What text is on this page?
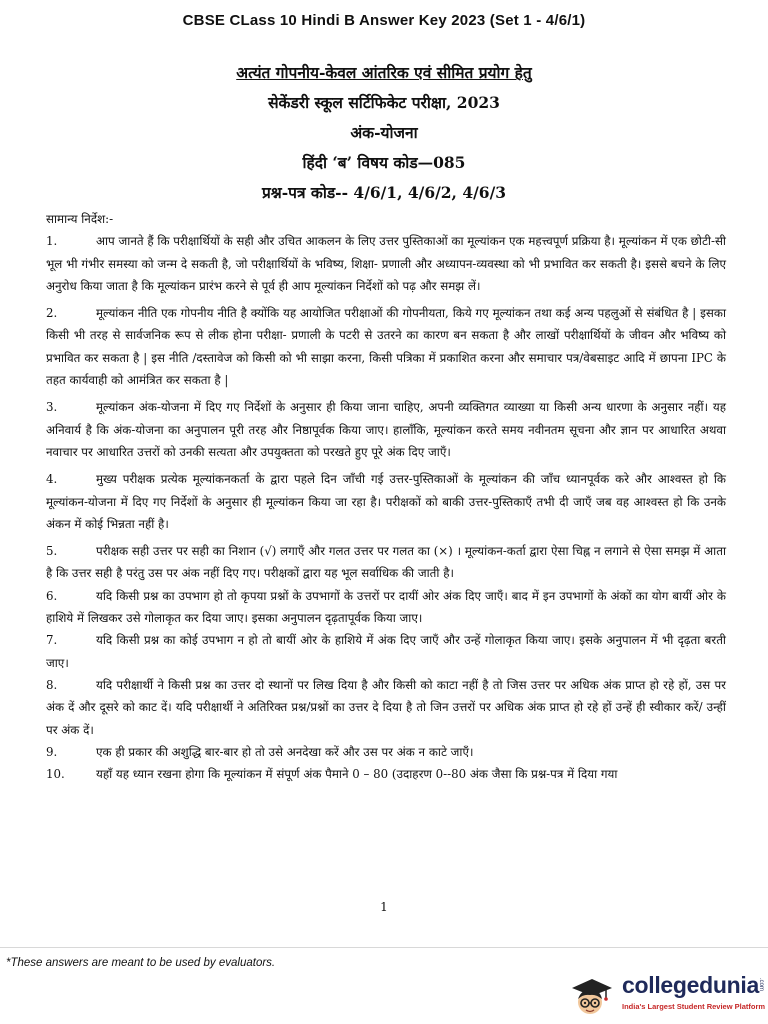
CBSE CLass 10 Hindi B Answer Key 2023 (Set 1 - 4/6/1)
अत्यंत गोपनीय-केवल आंतरिक एवं सीमित प्रयोग हेतु
सेकेंडरी स्कूल सर्टिफिकेट परीक्षा, 2023
अंक-योजना
हिंदी ‘ब’ विषय कोड—085
प्रश्न-पत्र कोड-- 4/6/1, 4/6/2, 4/6/3

सामान्य निर्देश:-

1.	आप जानते हैं कि परीक्षार्थियों के सही और उचित आकलन के लिए उत्तर पुस्तिकाओं का मूल्यांकन एक महत्त्वपूर्ण प्रक्रिया है। मूल्यांकन में एक छोटी-सी भूल भी गंभीर समस्या को जन्म दे सकती है, जो परीक्षार्थियों के भविष्य, शिक्षा- प्रणाली और अध्यापन-व्यवस्था को भी प्रभावित कर सकती है। इससे बचने के लिए अनुरोध किया जाता है कि मूल्यांकन प्रारंभ करने से पूर्व ही आप मूल्यांकन निर्देशों को पढ़ और समझ लें।

2.	मूल्यांकन नीति एक गोपनीय नीति है क्योंकि यह आयोजित परीक्षाओं की गोपनीयता, किये गए मूल्यांकन तथा कई अन्य पहलुओं से संबंधित है | इसका किसी भी तरह से सार्वजनिक रूप से लीक होना परीक्षा- प्रणाली के पटरी से उतरने का कारण बन सकता है और लाखों परीक्षार्थियों के जीवन और भविष्य को प्रभावित कर सकता है | इस नीति /दस्तावेज को किसी को भी साझा करना, किसी पत्रिका में प्रकाशित करना और समाचार पत्र/वेबसाइट आदि में छापना IPC के तहत कार्यवाही को आमंत्रित कर सकता है |

3.	मूल्यांकन अंक-योजना में दिए गए निर्देशों के अनुसार ही किया जाना चाहिए, अपनी व्यक्तिगत व्याख्या या किसी अन्य धारणा के अनुसार नहीं। यह अनिवार्य है कि अंक-योजना का अनुपालन पूरी तरह और निष्ठापूर्वक किया जाए। हालाँकि, मूल्यांकन करते समय नवीनतम सूचना और ज्ञान पर आधारित अथवा नवाचार पर आधारित उत्तरों को उनकी सत्यता और उपयुक्तता को परखते हुए पूरे अंक दिए जाएँ।

4.	मुख्य परीक्षक प्रत्येक मूल्यांकनकर्ता के द्वारा पहले दिन जाँची गई उत्तर-पुस्तिकाओं के मूल्यांकन की जाँच ध्यानपूर्वक करे और आश्वस्त हो कि मूल्यांकन-योजना में दिए गए निर्देशों के अनुसार ही मूल्यांकन किया जा रहा है। परीक्षकों को बाकी उत्तर-पुस्तिकाएँ तभी दी जाएँ जब वह आश्वस्त हो कि उनके अंकन में कोई भिन्नता नहीं है।

5.	परीक्षक सही उत्तर पर सही का निशान (√) लगाएँ और गलत उत्तर पर गलत का (×) । मूल्यांकन-कर्ता द्वारा ऐसा चिह्न न लगाने से ऐसा समझ में आता है कि उत्तर सही है परंतु उस पर अंक नहीं दिए गए। परीक्षकों द्वारा यह भूल सर्वाधिक की जाती है।

6.	यदि किसी प्रश्न का उपभाग हो तो कृपया प्रश्नों के उपभागों के उत्तरों पर दायीं ओर अंक दिए जाएँ। बाद में इन उपभागों के अंकों का योग बायीं ओर के हाशिये में लिखकर उसे गोलाकृत कर दिया जाए। इसका अनुपालन दृढ़तापूर्वक किया जाए।

7.	यदि किसी प्रश्न का कोई उपभाग न हो तो बायीं ओर के हाशिये में अंक दिए जाएँ और उन्हें गोलाकृत किया जाए। इसके अनुपालन में भी दृढ़ता बरती जाए।

8.	यदि परीक्षार्थी ने किसी प्रश्न का उत्तर दो स्थानों पर लिख दिया है और किसी को काटा नहीं है तो जिस उत्तर पर अधिक अंक प्राप्त हो रहे हों, उस पर अंक दें और दूसरे को काट दें। यदि परीक्षार्थी ने अतिरिक्त प्रश्न/प्रश्नों का उत्तर दे दिया है तो जिन उत्तरों पर अधिक अंक प्राप्त हो रहे हों उन्हें ही स्वीकार करें/ उन्हीं पर अंक दें।

9.	एक ही प्रकार की अशुद्धि बार-बार हो तो उसे अनदेखा करें और उस पर अंक न काटे जाएँ।

10.	यहाँ यह ध्यान रखना होगा कि मूल्यांकन में संपूर्ण अंक पैमाने 0 – 80 (उदाहरण 0--80 अंक जैसा कि प्रश्न-पत्र में दिया गया

1
*These answers are meant to be used by evaluators.
collegedunia .com
India's Largest Student Review Platform
